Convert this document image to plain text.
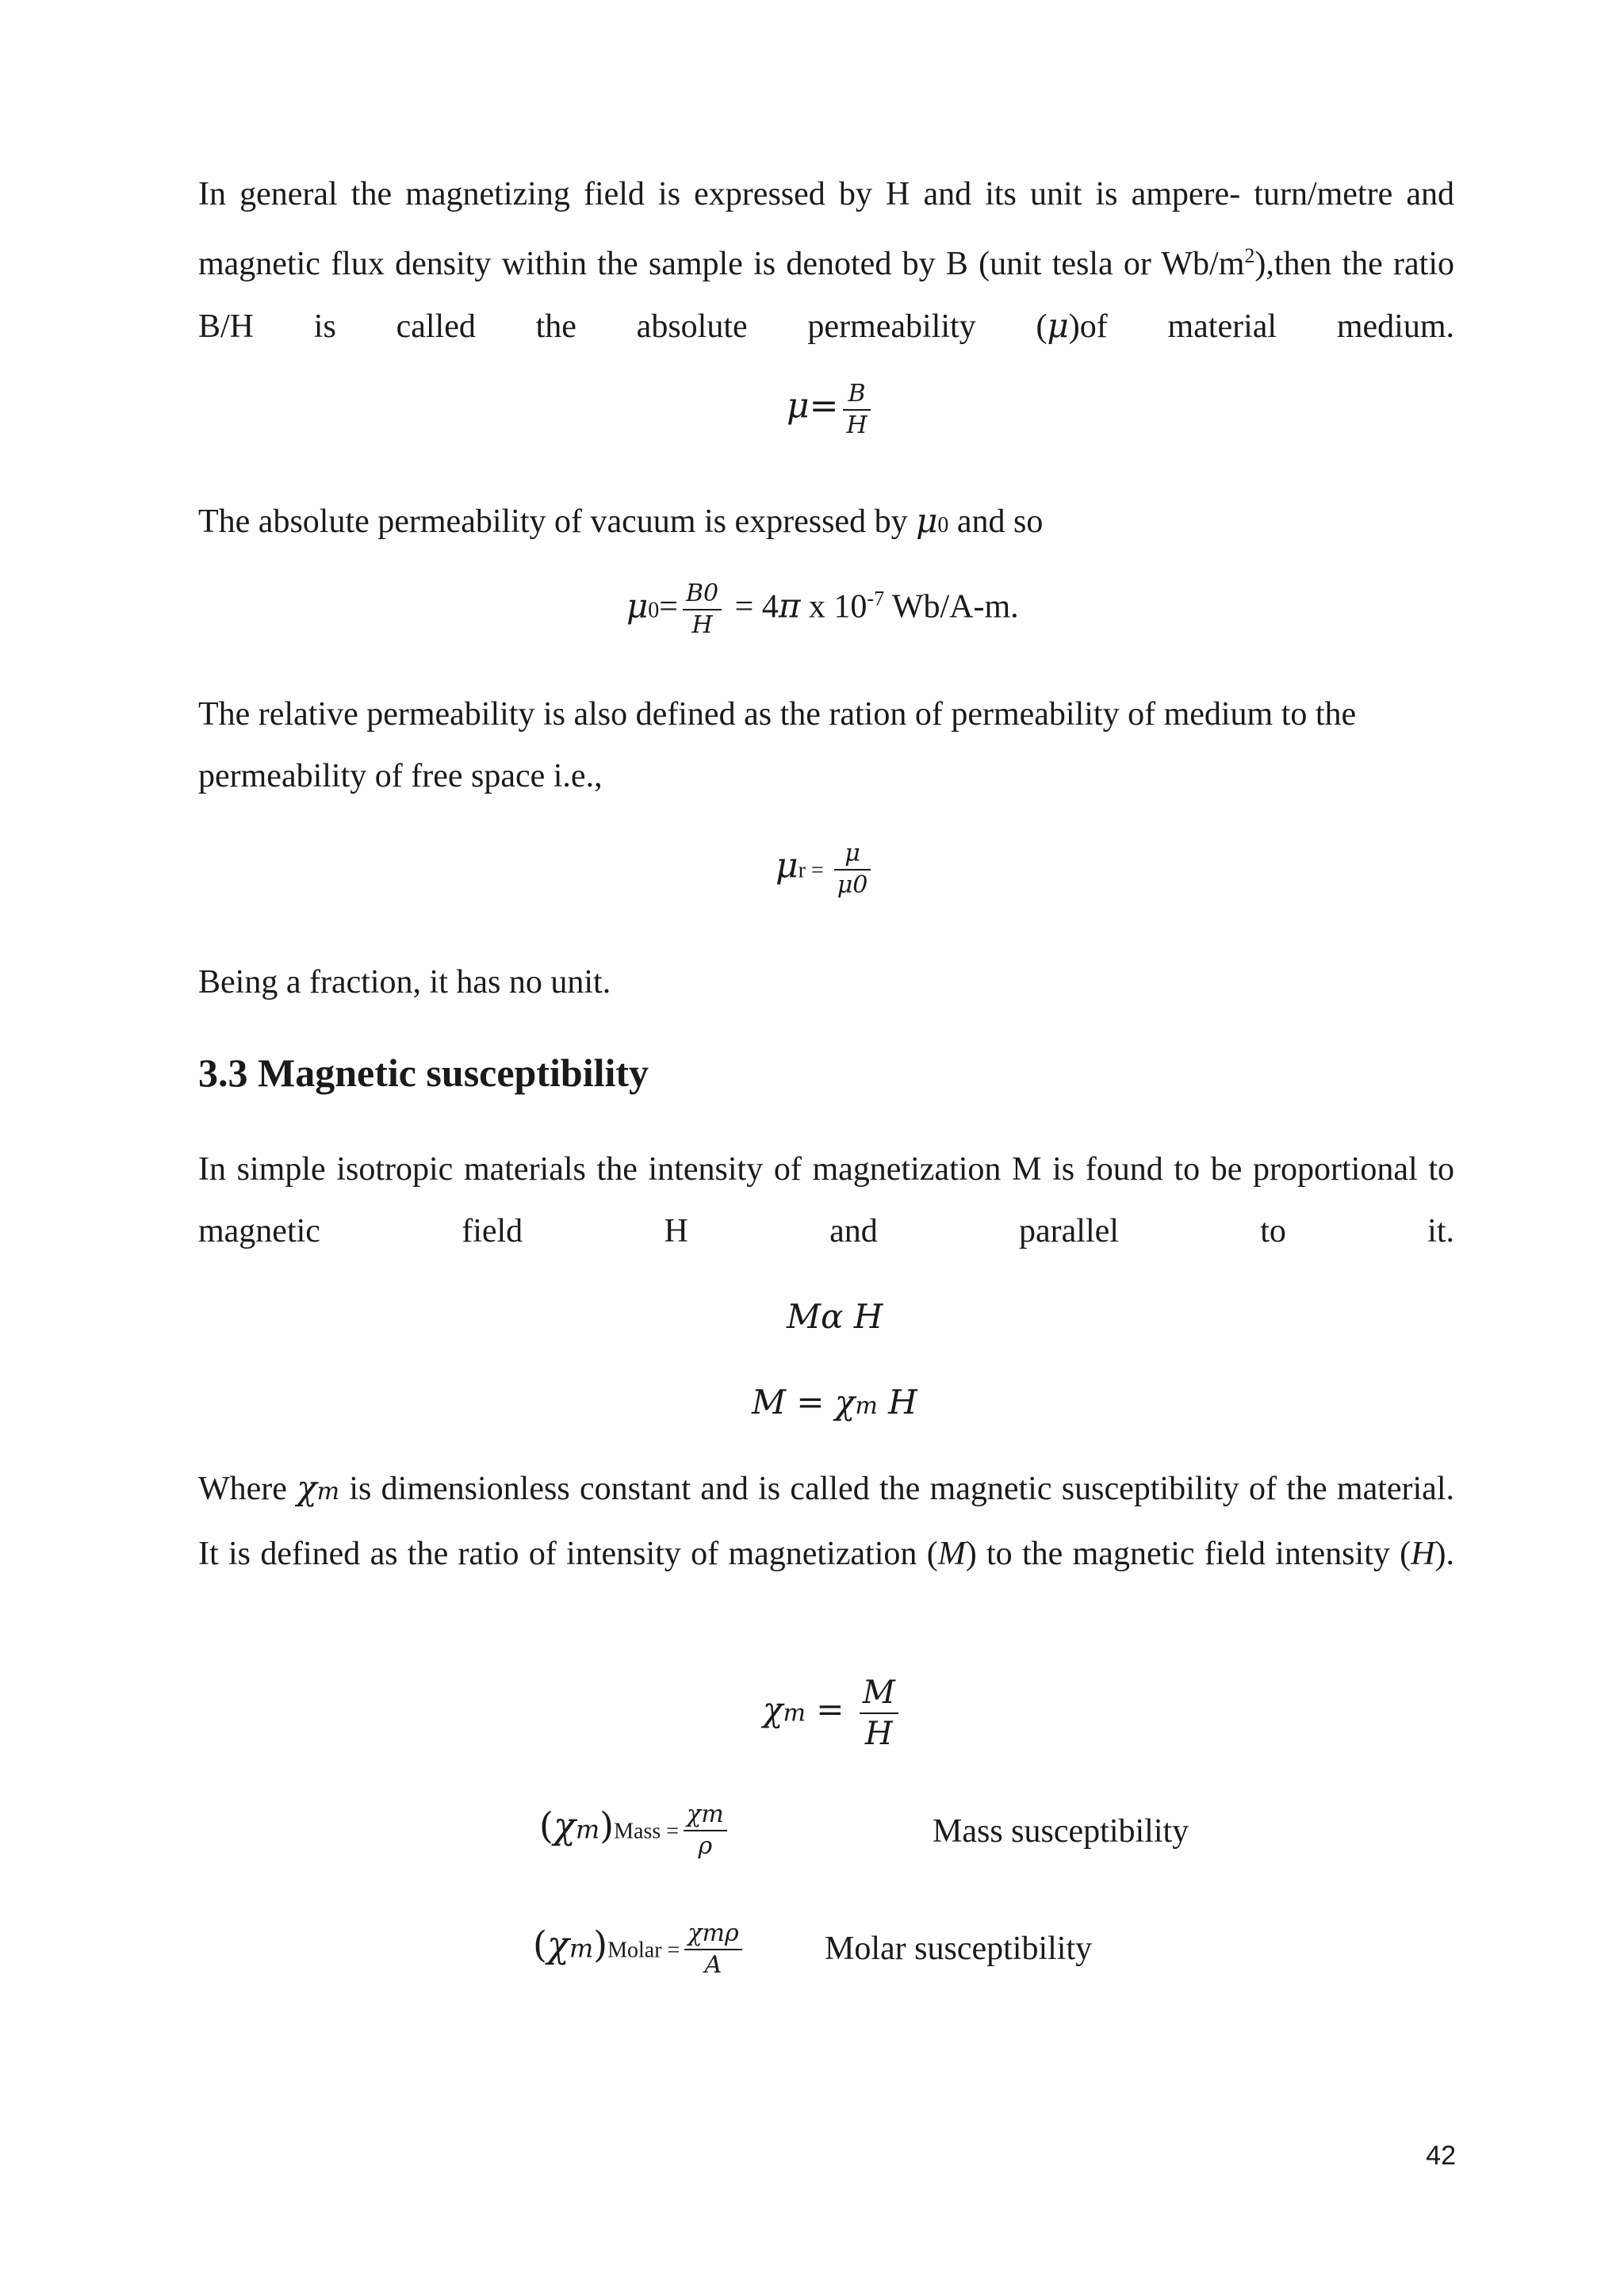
In general the magnetizing field is expressed by H and its unit is ampere- turn/metre and magnetic flux density within the sample is denoted by B (unit tesla or $Wb/m^2),then$ the ratio B/H is called the absolute permeability (μ)of material medium.

$\mu= \frac{B}{H}$

The absolute permeability of vacuum is expressed by μ0 and so

$\mu 0= \frac{B0}{H} = 4\pi$ x $10^{-7}$ Wb/A-m.

The relative permeability is also defined as the ration of permeability of medium to the permeability of free space i.e.,

$\mu r = \frac{\mu}{\mu 0}$

Being a fraction, it has no unit.

3.3 Magnetic susceptibility

In simple isotropic materials the intensity of magnetization M is found to be proportional to magnetic field H and parallel to it.

Mα H
M = χm H

Where χm is dimensionless constant and is called the magnetic susceptibility of the material. It is defined as the ratio of intensity of magnetization (M) to the magnetic field intensity (H).

$\chi m = \frac{M}{H}$
(χm)Mass = $\frac{\chi m}{\rho}$	Mass susceptibility
(χm)Molar = $\frac{\text{χmρ}}{A}$ Molar susceptibility
42
